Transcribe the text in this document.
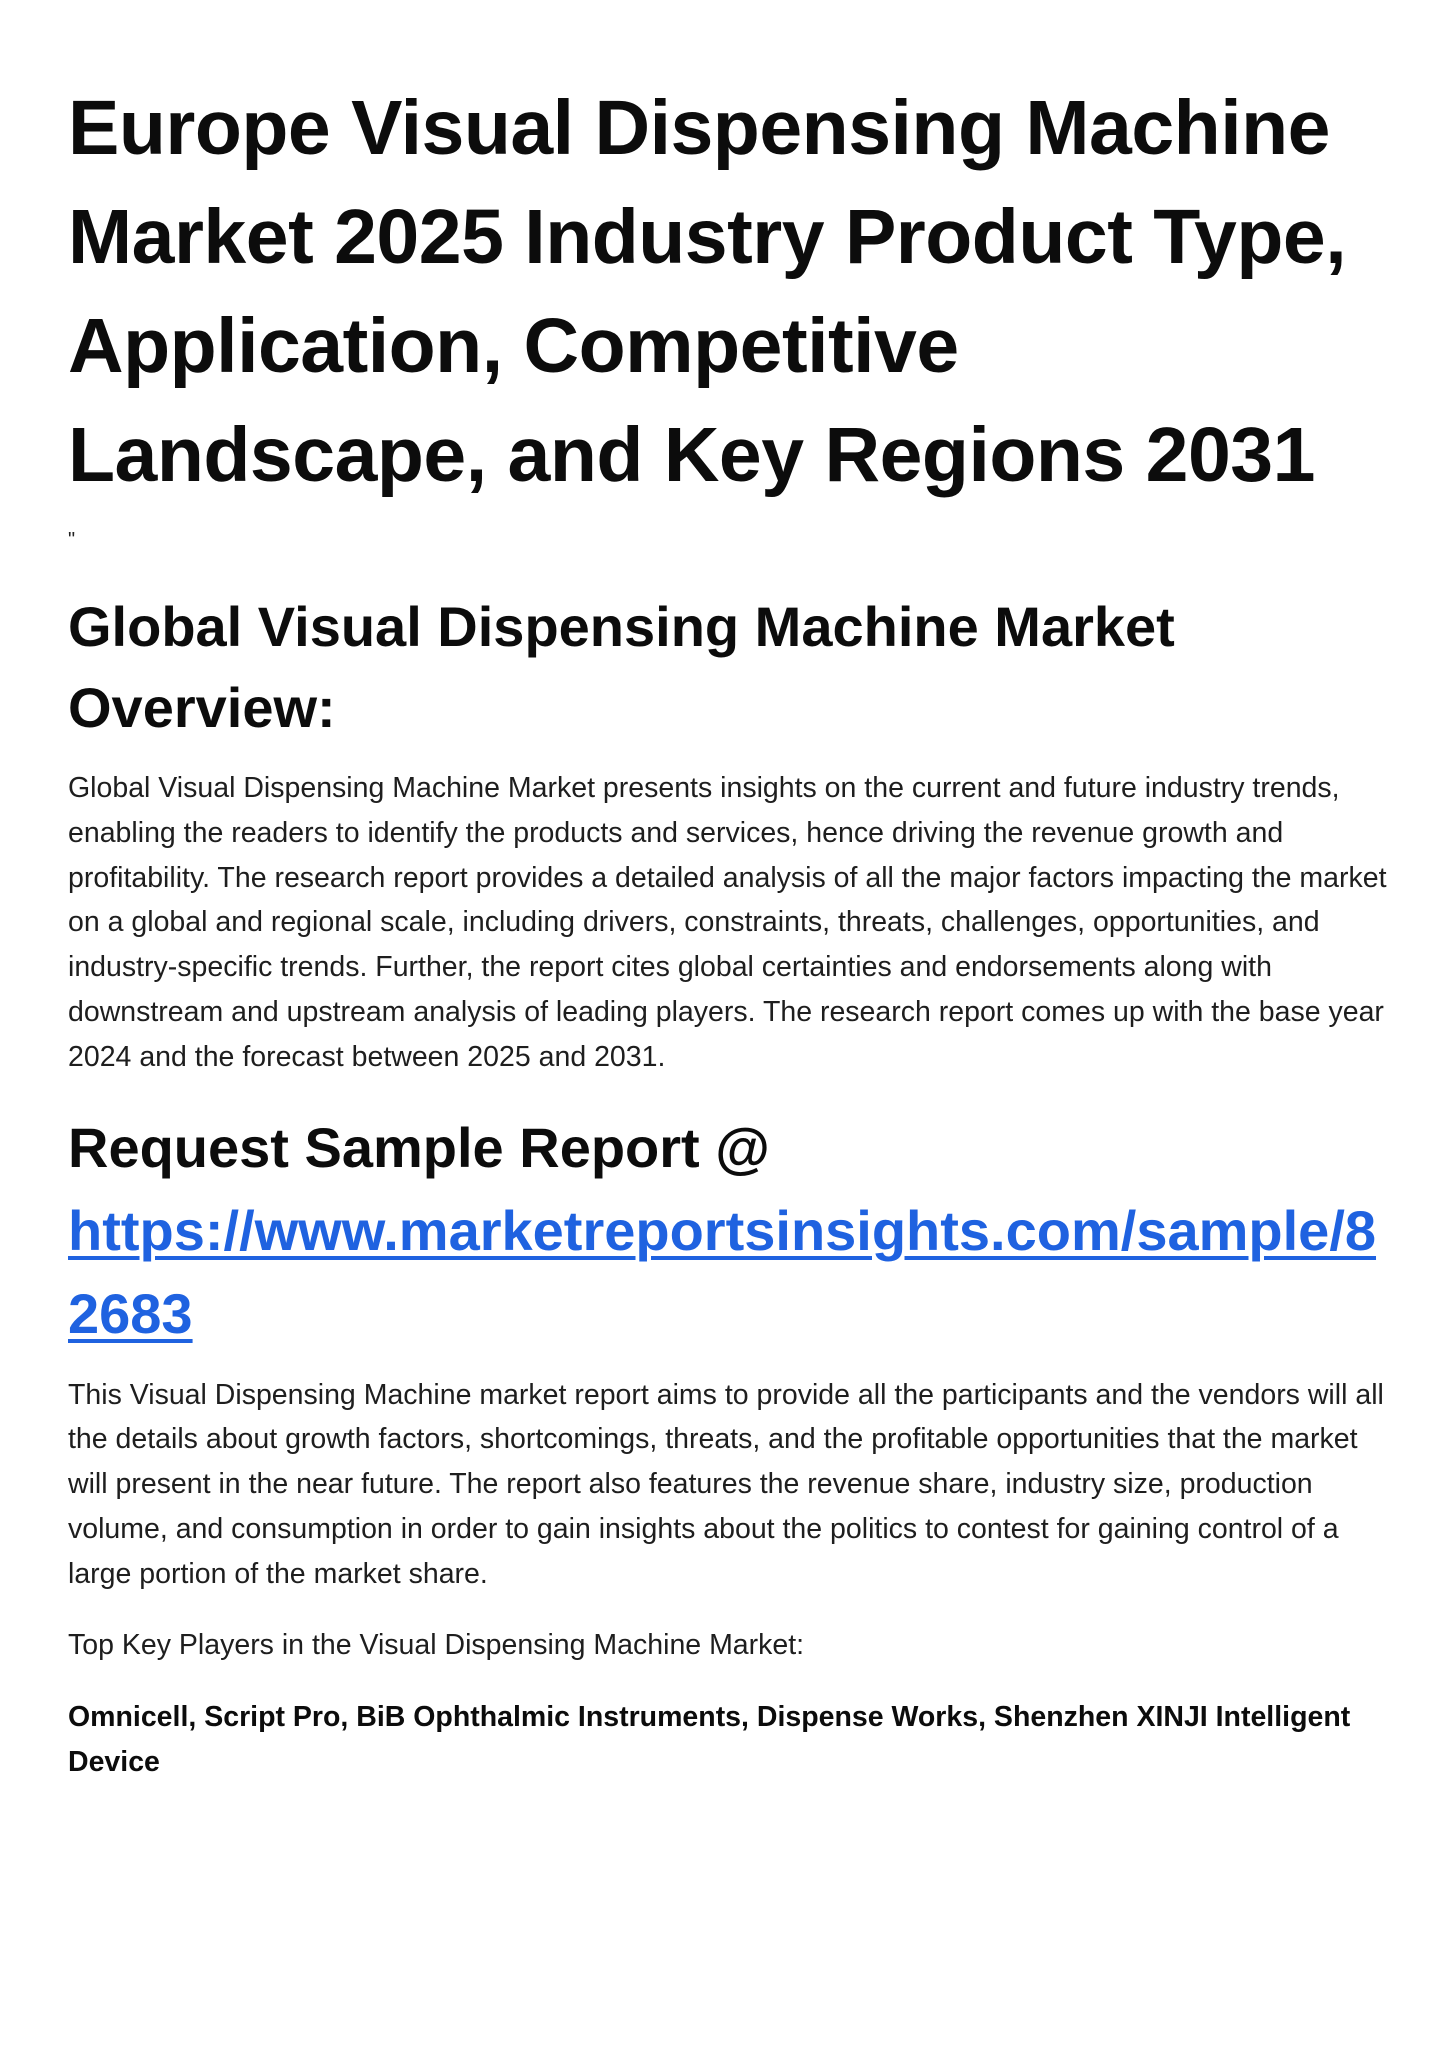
Europe Visual Dispensing Machine Market 2025 Industry Product Type, Application, Competitive Landscape, and Key Regions 2031

"

Global Visual Dispensing Machine Market Overview:

Global Visual Dispensing Machine Market presents insights on the current and future industry trends, enabling the readers to identify the products and services, hence driving the revenue growth and profitability. The research report provides a detailed analysis of all the major factors impacting the market on a global and regional scale, including drivers, constraints, threats, challenges, opportunities, and industry-specific trends. Further, the report cites global certainties and endorsements along with downstream and upstream analysis of leading players. The research report comes up with the base year 2024 and the forecast between 2025 and 2031.

Request Sample Report @
https://www.marketreportsinsights.com/sample/82683

This Visual Dispensing Machine market report aims to provide all the participants and the vendors will all the details about growth factors, shortcomings, threats, and the profitable opportunities that the market will present in the near future. The report also features the revenue share, industry size, production volume, and consumption in order to gain insights about the politics to contest for gaining control of a large portion of the market share.

Top Key Players in the Visual Dispensing Machine Market:

Omnicell, Script Pro, BiB Ophthalmic Instruments, Dispense Works, Shenzhen XINJI Intelligent Device
